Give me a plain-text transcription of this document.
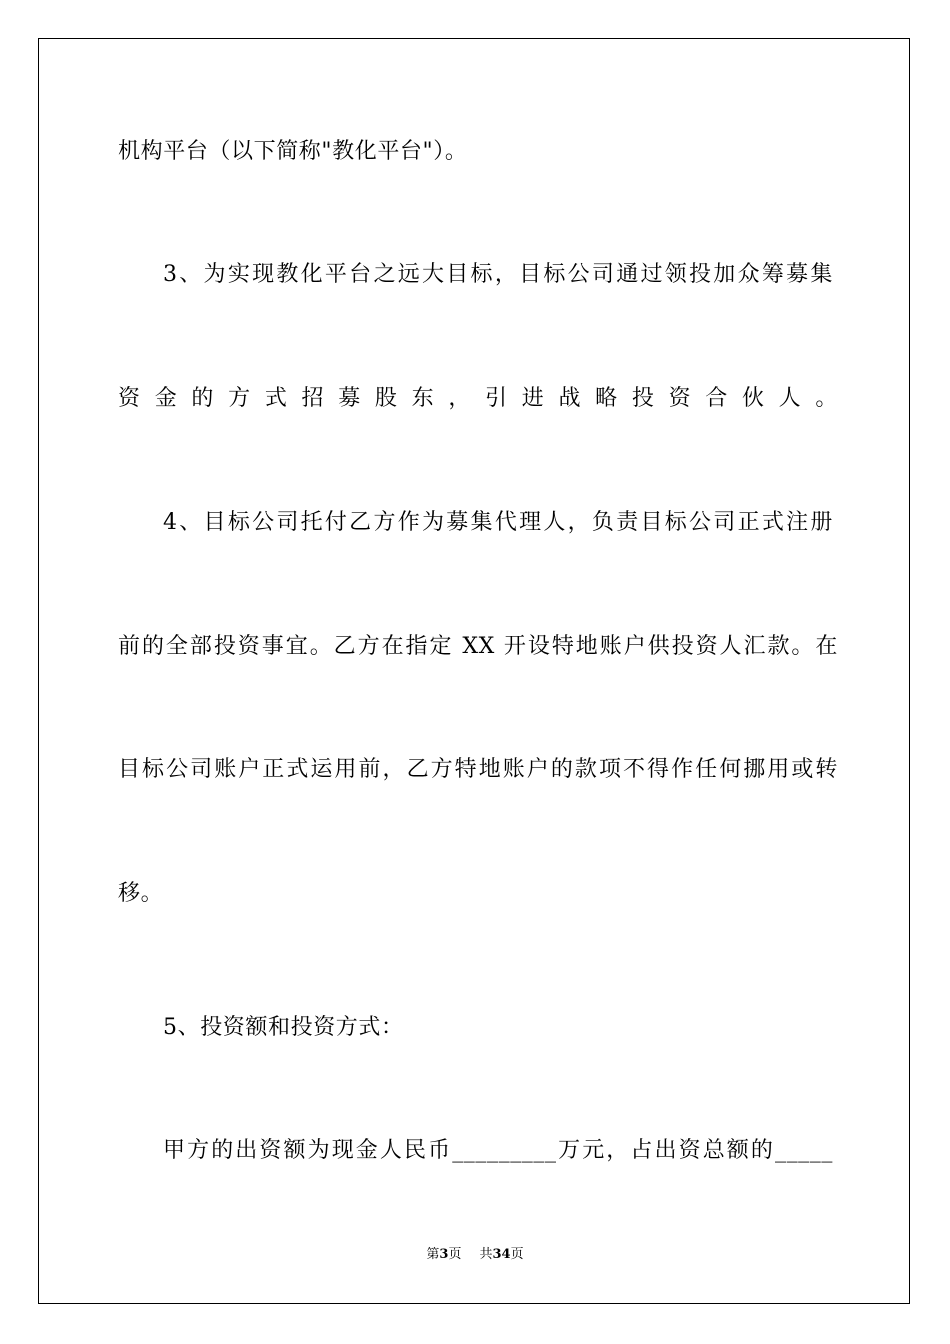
机构平台（以下简称"教化平台"）。
3、为实现教化平台之远大目标，目标公司通过领投加众筹募集
资金的方式招募股东，引进战略投资合伙人。
4、目标公司托付乙方作为募集代理人，负责目标公司正式注册
前的全部投资事宜。乙方在指定 XX 开设特地账户供投资人汇款。在
目标公司账户正式运用前，乙方特地账户的款项不得作任何挪用或转
移。
5、投资额和投资方式：
甲方的出资额为现金人民币_________万元，占出资总额的_____
第3页 共34页
